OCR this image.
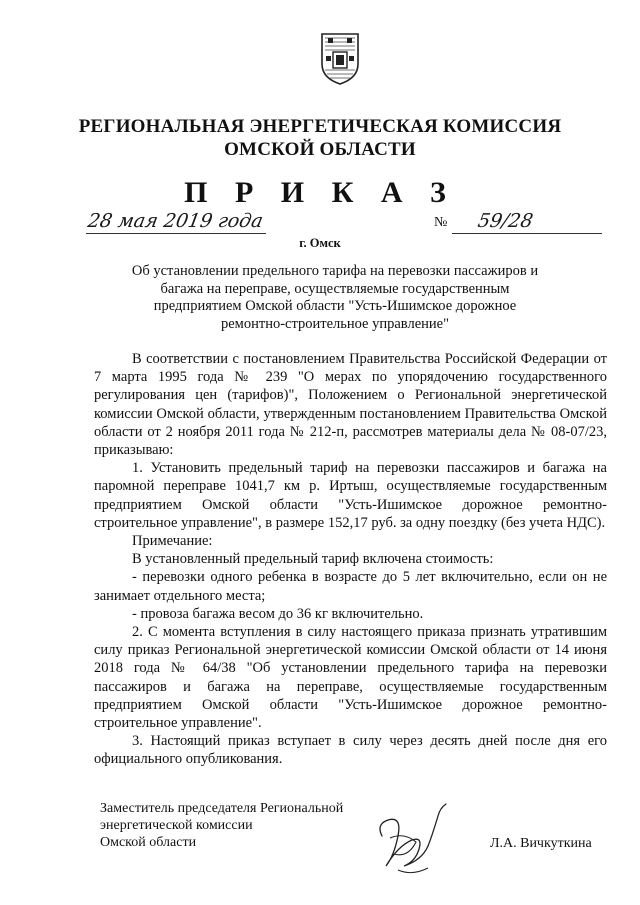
РЕГИОНАЛЬНАЯ ЭНЕРГЕТИЧЕСКАЯ КОМИССИЯ
ОМСКОЙ ОБЛАСТИ
П Р И К А З
28 мая 2019 года	№ 59/28
г. Омск
Об установлении предельного тарифа на перевозки пассажиров и багажа на переправе, осуществляемые государственным предприятием Омской области "Усть-Ишимское дорожное ремонтно-строительное управление"

В соответствии с постановлением Правительства Российской Федерации от 7 марта 1995 года № 239 "О мерах по упорядочению государственного регулирования цен (тарифов)", Положением о Региональной энергетической комиссии Омской области, утвержденным постановлением Правительства Омской области от 2 ноября 2011 года № 212-п, рассмотрев материалы дела № 08-07/23, приказываю:

1. Установить предельный тариф на перевозки пассажиров и багажа на паромной переправе 1041,7 км р. Иртыш, осуществляемые государственным предприятием Омской области "Усть-Ишимское дорожное ремонтно-строительное управление", в размере 152,17 руб. за одну поездку (без учета НДС).

Примечание:

В установленный предельный тариф включена стоимость:

- перевозки одного ребенка в возрасте до 5 лет включительно, если он не занимает отдельного места;

- провоза багажа весом до 36 кг включительно.

2. С момента вступления в силу настоящего приказа признать утратившим силу приказ Региональной энергетической комиссии Омской области от 14 июня 2018 года № 64/38 "Об установлении предельного тарифа на перевозки пассажиров и багажа на переправе, осуществляемые государственным предприятием Омской области "Усть-Ишимское дорожное ремонтно-строительное управление".

3. Настоящий приказ вступает в силу через десять дней после дня его официального опубликования.

Заместитель председателя Региональной
энергетической комиссии
Омской области	Л.А. Вичкуткина
